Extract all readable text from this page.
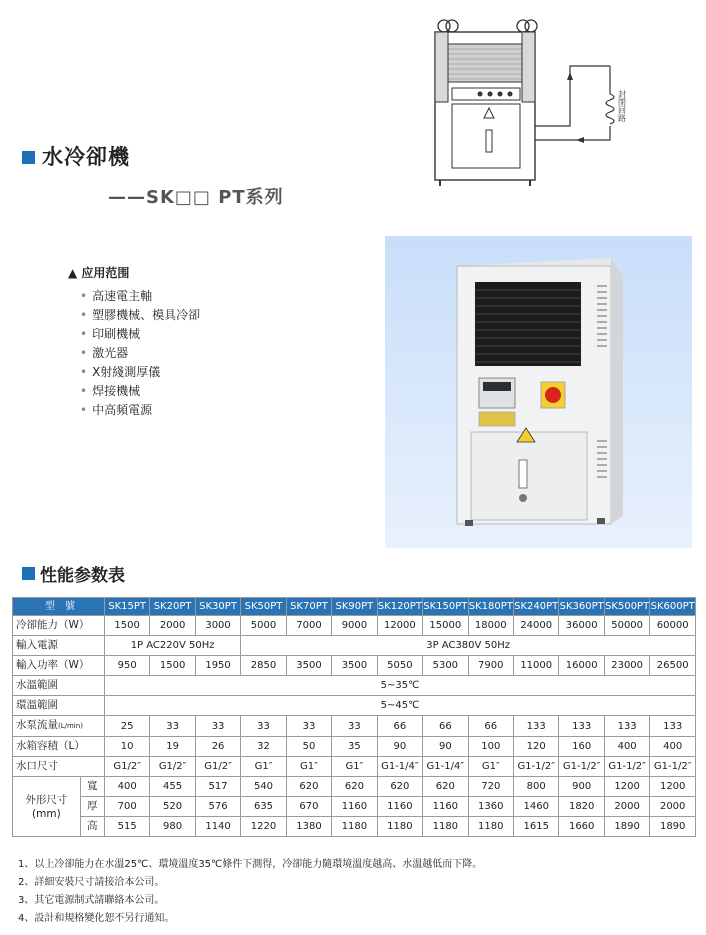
封閉回路
水冷卻機
——SK□□ PT系列
▲ 应用范围
• 高速電主軸
• 塑膠機械、模具冷卻
• 印刷機械
• 激光器
• X射綫測厚儀
• 焊接機械
• 中高頻電源
性能参数表
型　號		SK15PT	SK20PT	SK30PT	SK50PT	SK70PT	SK90PT	SK120PT	SK150PT	SK180PT	SK240PT	SK360PT	SK500PT	SK600PT
冷卻能力（W）		1500	2000	3000	5000	7000	9000	12000	15000	18000	24000	36000	50000	60000
輸入電源		1P AC220V 50Hz			3P AC380V 50Hz									
輸入功率（W）		950	1500	1950	2850	3500	3500	5050	5300	7900	11000	16000	23000	26500
水溫範圍		5~35℃												
環溫範圍		5~45℃												
水泵流量(L/min)		25	33	33	33	33	33	66	66	66	133	133	133	133
水箱容積（L）		10	19	26	32	50	35	90	90	100	120	160	400	400
水口尺寸		G1/2″	G1/2″	G1/2″	G1″	G1″	G1″	G1-1/4″	G1-1/4″	G1″	G1-1/2″	G1-1/2″	G1-1/2″	G1-1/2″
外形尺寸
(mm)	寬	400	455	517	540	620	620	620	620	720	800	900	1200	1200
	厚	700	520	576	635	670	1160	1160	1160	1360	1460	1820	2000	2000
	高	515	980	1140	1220	1380	1180	1180	1180	1180	1615	1660	1890	1890
1、以上冷卻能力在水溫25℃、環境溫度35℃條件下測得，冷卻能力隨環境溫度越高、水溫越低而下降。
2、詳細安裝尺寸請接洽本公司。
3、其它電源制式請聯絡本公司。
4、設計和規格變化恕不另行通知。
